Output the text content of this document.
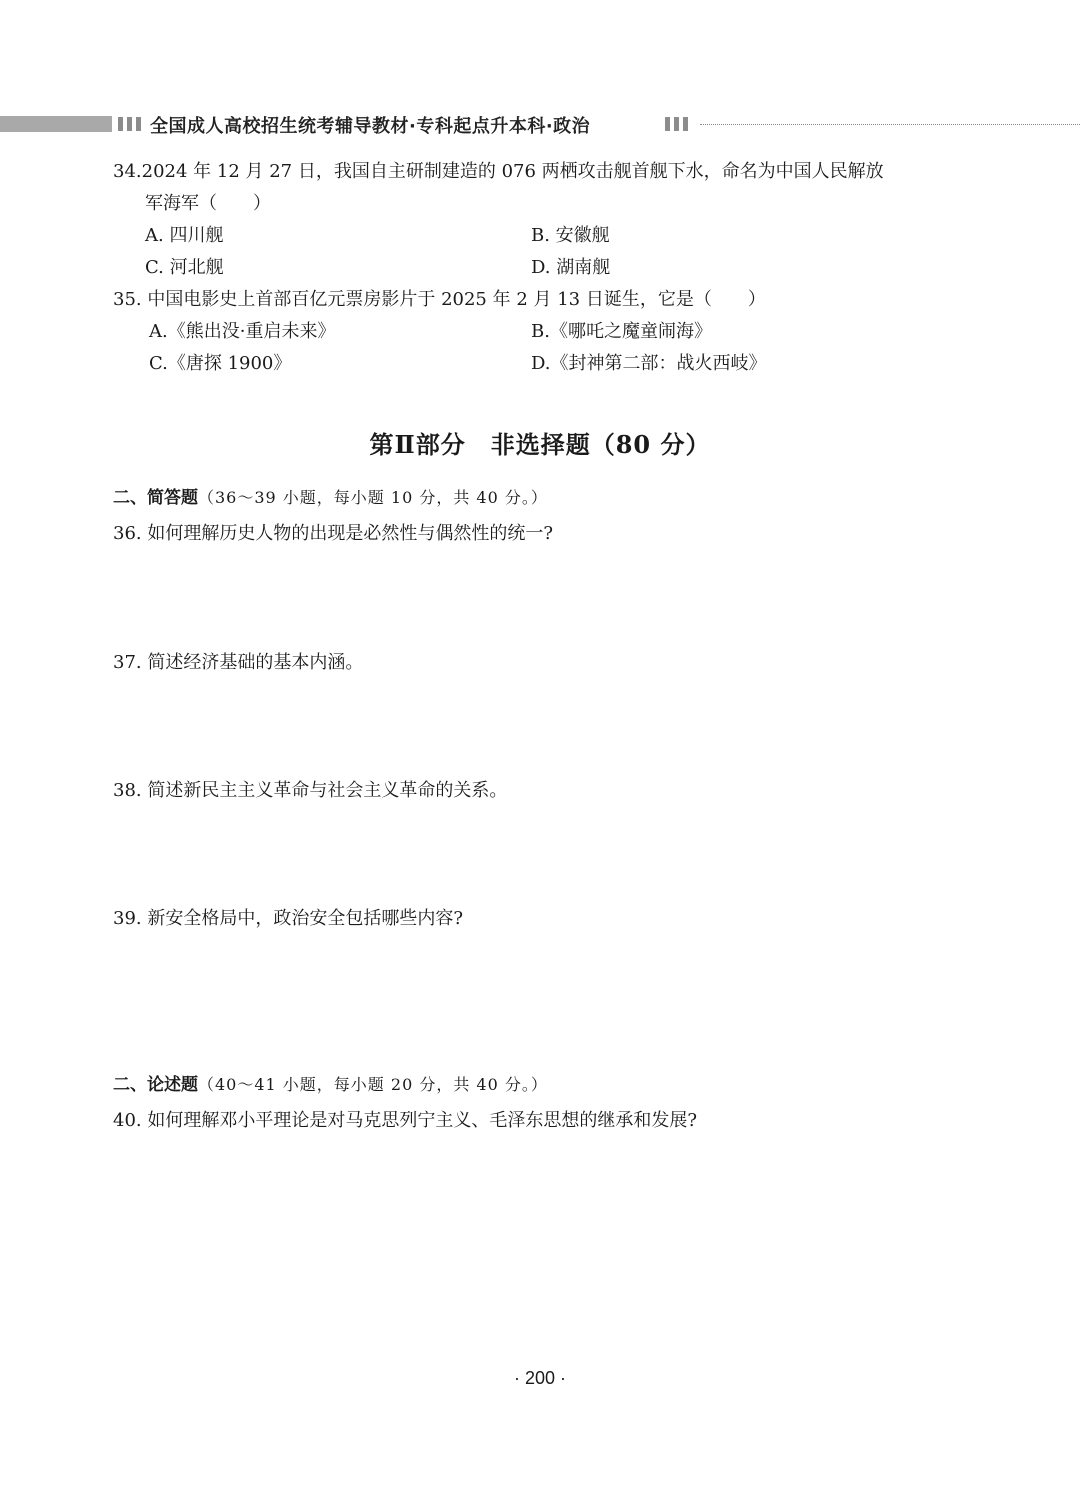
全国成人高校招生统考辅导教材·专科起点升本科·政治
34.2024 年 12 月 27 日，我国自主研制建造的 076 两栖攻击舰首舰下水，命名为中国人民解放
军海军（　　）
A. 四川舰	B. 安徽舰
C. 河北舰	D. 湖南舰
35. 中国电影史上首部百亿元票房影片于 2025 年 2 月 13 日诞生，它是（　　）
A.《熊出没·重启未来》	B.《哪吒之魔童闹海》
C.《唐探 1900》	D.《封神第二部：战火西岐》
第Ⅱ部分　非选择题（80 分）
二、简答题（36～39 小题，每小题 10 分，共 40 分。）
36. 如何理解历史人物的出现是必然性与偶然性的统一?
37. 简述经济基础的基本内涵。
38. 简述新民主主义革命与社会主义革命的关系。
39. 新安全格局中，政治安全包括哪些内容?
二、论述题（40～41 小题，每小题 20 分，共 40 分。）
40. 如何理解邓小平理论是对马克思列宁主义、毛泽东思想的继承和发展?
· 200 ·
